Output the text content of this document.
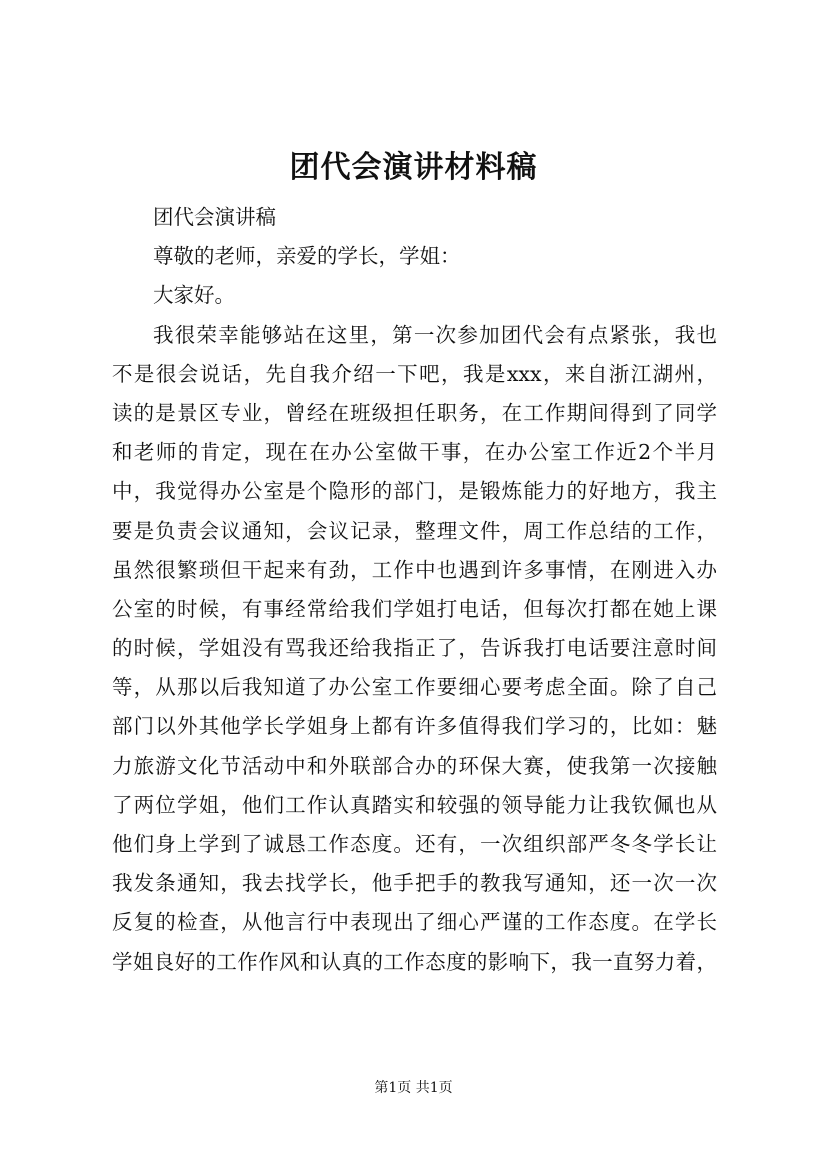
团代会演讲材料稿
团代会演讲稿
尊敬的老师，亲爱的学长，学姐：
大家好。
我很荣幸能够站在这里，第一次参加团代会有点紧张，我也
不是很会说话，先自我介绍一下吧，我是xxx，来自浙江湖州，
读的是景区专业，曾经在班级担任职务，在工作期间得到了同学
和老师的肯定，现在在办公室做干事，在办公室工作近2个半月
中，我觉得办公室是个隐形的部门，是锻炼能力的好地方，我主
要是负责会议通知，会议记录，整理文件，周工作总结的工作，
虽然很繁琐但干起来有劲，工作中也遇到许多事情，在刚进入办
公室的时候，有事经常给我们学姐打电话，但每次打都在她上课
的时候，学姐没有骂我还给我指正了，告诉我打电话要注意时间
等，从那以后我知道了办公室工作要细心要考虑全面。除了自己
部门以外其他学长学姐身上都有许多值得我们学习的，比如：魅
力旅游文化节活动中和外联部合办的环保大赛，使我第一次接触
了两位学姐，他们工作认真踏实和较强的领导能力让我钦佩也从
他们身上学到了诚恳工作态度。还有，一次组织部严冬冬学长让
我发条通知，我去找学长，他手把手的教我写通知，还一次一次
反复的检查，从他言行中表现出了细心严谨的工作态度。在学长
学姐良好的工作作风和认真的工作态度的影响下，我一直努力着，
第1页 共1页
